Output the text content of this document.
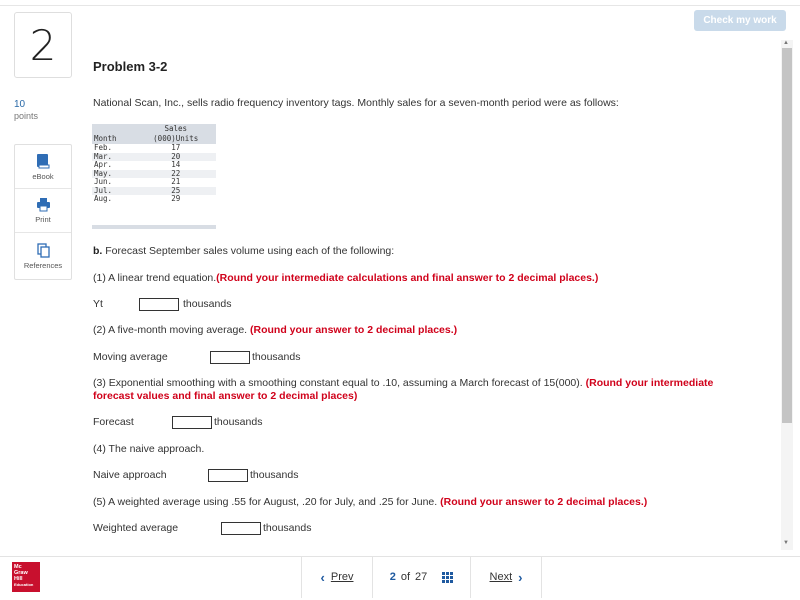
Check my work
2
10
points
eBook
Print
References
Problem 3-2
National Scan, Inc., sells radio frequency inventory tags. Monthly sales for a seven-month period were as follows:
	Sales
Month	(000)Units
Feb.	17
Mar.	20
Apr.	14
May.	22
Jun.	21
Jul.	25
Aug.	29
b. Forecast September sales volume using each of the following:
(1) A linear trend equation.(Round your intermediate calculations and final answer to 2 decimal places.)
Yt	thousands
(2) A five-month moving average. (Round your answer to 2 decimal places.)
Moving average	thousands
(3) Exponential smoothing with a smoothing constant equal to .10, assuming a March forecast of 15(000). (Round your intermediate
forecast values and final answer to 2 decimal places)
Forecast	thousands
(4) The naive approach.
Naive approach	thousands
(5) A weighted average using .55 for August, .20 for July, and .25 for June. (Round your answer to 2 decimal places.)
Weighted average	thousands
▲
▼
Mc
Graw
Hill
Education	‹ Prev	2 of 27	Next ›
